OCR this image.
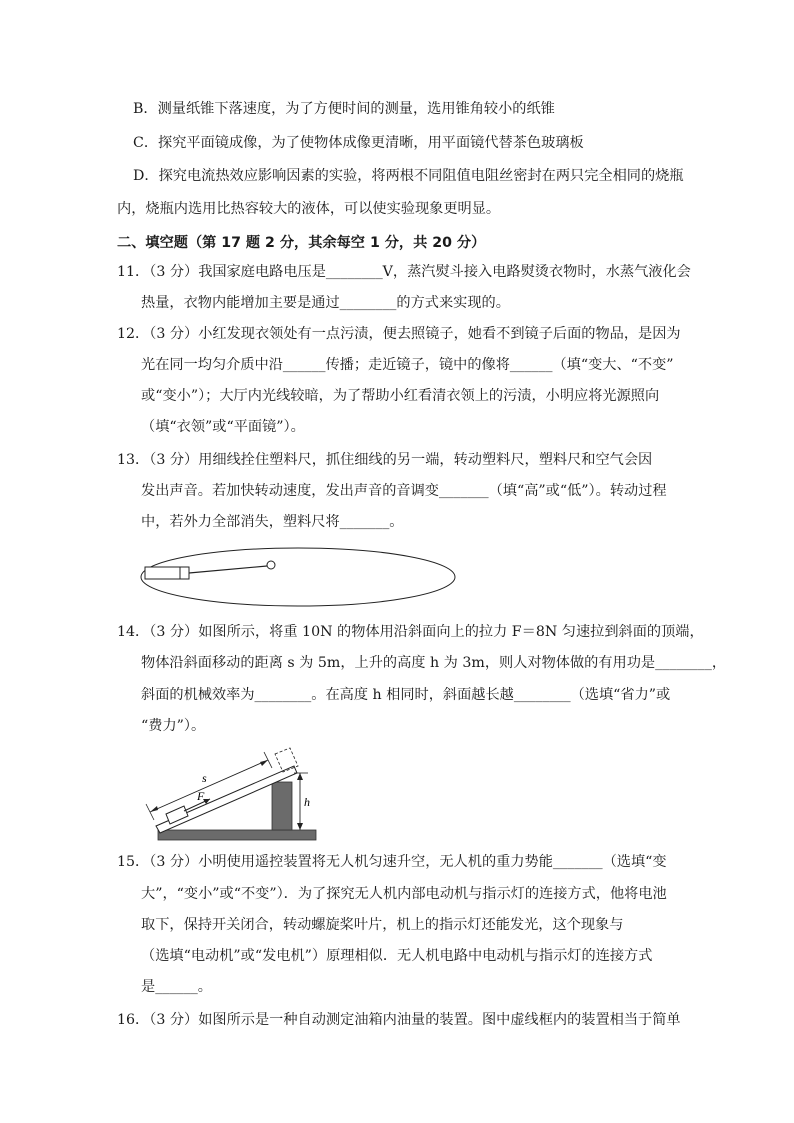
B．测量纸锥下落速度，为了方便时间的测量，选用锥角较小的纸锥
C．探究平面镜成像，为了使物体成像更清晰，用平面镜代替茶色玻璃板
D．探究电流热效应影响因素的实验，将两根不同阻值电阻丝密封在两只完全相同的烧瓶
内，烧瓶内选用比热容较大的液体，可以使实验现象更明显。
二、填空题（第 17 题 2 分，其余每空 1 分，共 20 分）
11．（3 分）我国家庭电路电压是________V，蒸汽熨斗接入电路熨烫衣物时，水蒸气液化会
热量，衣物内能增加主要是通过________的方式来实现的。
12．（3 分）小红发现衣领处有一点污渍，便去照镜子，她看不到镜子后面的物品，是因为
光在同一均匀介质中沿______传播；走近镜子，镜中的像将______（填“变大、“不变”
或“变小”）；大厅内光线较暗，为了帮助小红看清衣领上的污渍，小明应将光源照向
（填“衣领”或“平面镜”）。
13．（3 分）用细线拴住塑料尺，抓住细线的另一端，转动塑料尺，塑料尺和空气会因
发出声音。若加快转动速度，发出声音的音调变_______（填“高”或“低”）。转动过程
中，若外力全部消失，塑料尺将_______。
14．（3 分）如图所示，将重 10N 的物体用沿斜面向上的拉力 F＝8N 匀速拉到斜面的顶端，
物体沿斜面移动的距离 s 为 5m，上升的高度 h 为 3m，则人对物体做的有用功是________，
斜面的机械效率为________。在高度 h 相同时，斜面越长越________（选填“省力”或
“费力”）。
F
s
h
15．（3 分）小明使用遥控装置将无人机匀速升空，无人机的重力势能_______（选填“变
大”，“变小”或“不变”）．为了探究无人机内部电动机与指示灯的连接方式，他将电池
取下，保持开关闭合，转动螺旋桨叶片，机上的指示灯还能发光，这个现象与
（选填“电动机”或“发电机”）原理相似．无人机电路中电动机与指示灯的连接方式
是______。
16．（3 分）如图所示是一种自动测定油箱内油量的装置。图中虚线框内的装置相当于简单
